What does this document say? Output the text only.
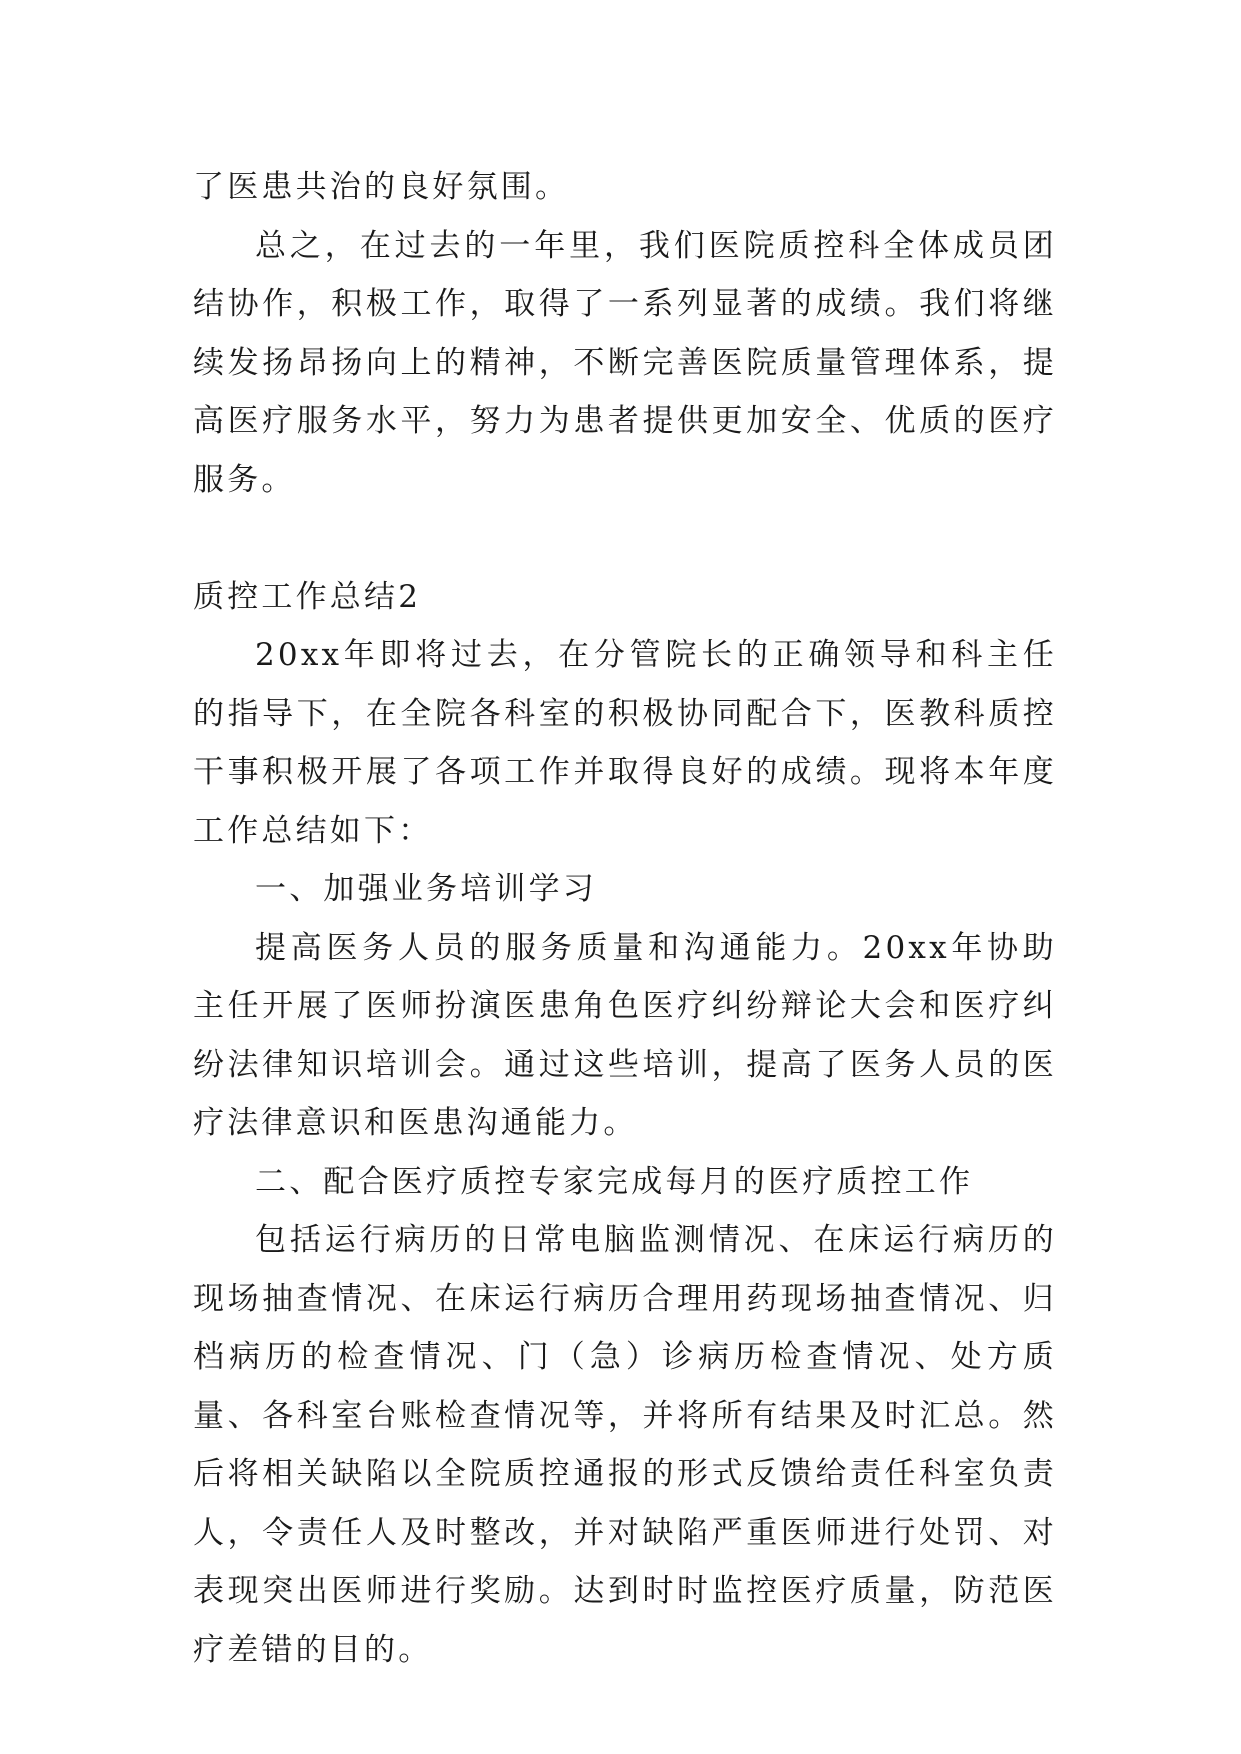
了医患共治的良好氛围。

总之，在过去的一年里，我们医院质控科全体成员团结协作，积极工作，取得了一系列显著的成绩。我们将继续发扬昂扬向上的精神，不断完善医院质量管理体系，提高医疗服务水平，努力为患者提供更加安全、优质的医疗服务。

质控工作总结2

20xx年即将过去，在分管院长的正确领导和科主任的指导下，在全院各科室的积极协同配合下，医教科质控干事积极开展了各项工作并取得良好的成绩。现将本年度工作总结如下：

一、加强业务培训学习

提高医务人员的服务质量和沟通能力。20xx年协助主任开展了医师扮演医患角色医疗纠纷辩论大会和医疗纠纷法律知识培训会。通过这些培训，提高了医务人员的医疗法律意识和医患沟通能力。

二、配合医疗质控专家完成每月的医疗质控工作

包括运行病历的日常电脑监测情况、在床运行病历的现场抽查情况、在床运行病历合理用药现场抽查情况、归档病历的检查情况、门（急）诊病历检查情况、处方质量、各科室台账检查情况等，并将所有结果及时汇总。然后将相关缺陷以全院质控通报的形式反馈给责任科室负责人，令责任人及时整改，并对缺陷严重医师进行处罚、对表现突出医师进行奖励。达到时时监控医疗质量，防范医疗差错的目的。
